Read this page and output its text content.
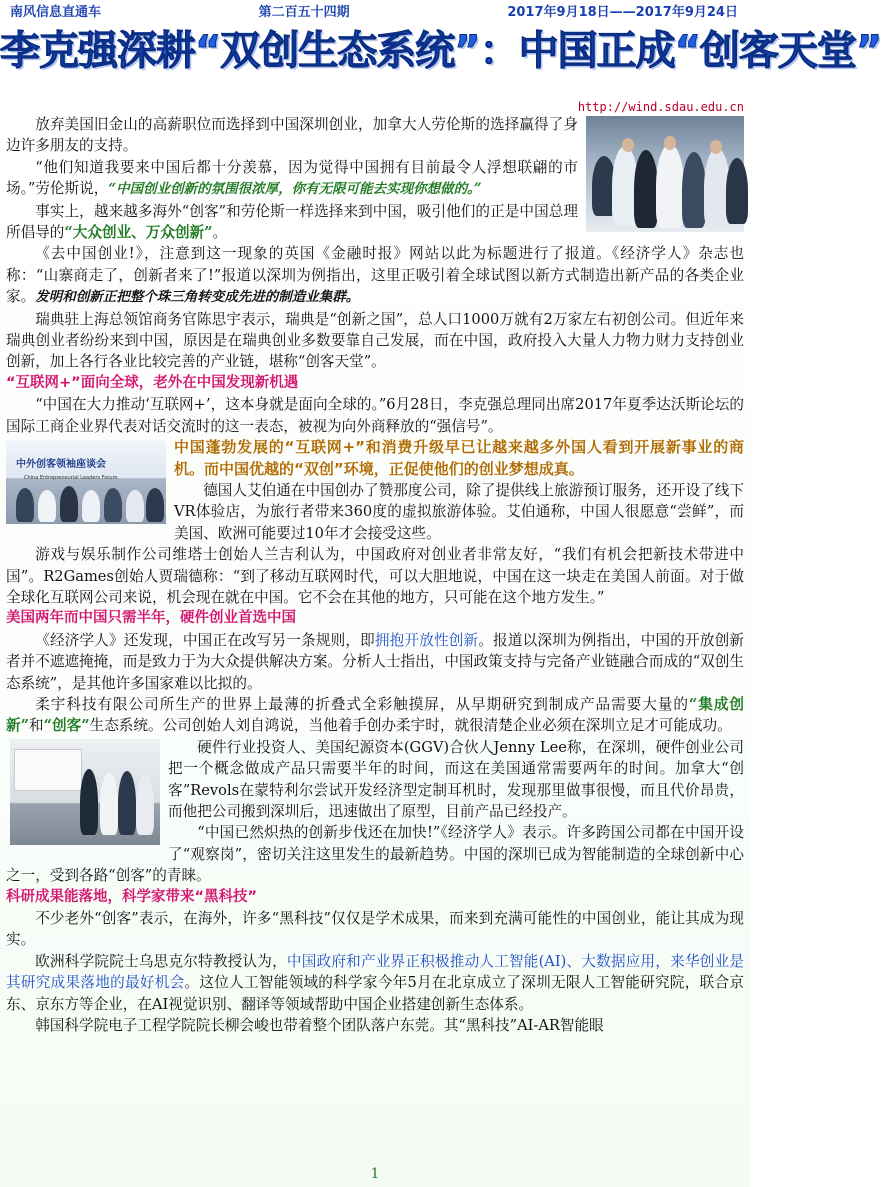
南风信息直通车	第二百五十四期	2017年9月18日——2017年9月24日
李克强深耕“双创生态系统”：中国正成“创客天堂”
http://wind.sdau.edu.cn

放弃美国旧金山的高薪职位而选择到中国深圳创业，加拿大人劳伦斯的选择赢得了身边许多朋友的支持。

“他们知道我要来中国后都十分羡慕，因为觉得中国拥有目前最令人浮想联翩的市场。”劳伦斯说，“中国创业创新的氛围很浓厚，你有无限可能去实现你想做的。”

事实上，越来越多海外“创客”和劳伦斯一样选择来到中国，吸引他们的正是中国总理所倡导的“大众创业、万众创新”。

《去中国创业!》，注意到这一现象的英国《金融时报》网站以此为标题进行了报道。《经济学人》杂志也称：“山寨商走了，创新者来了!”报道以深圳为例指出，这里正吸引着全球试图以新方式制造出新产品的各类企业家。发明和创新正把整个珠三角转变成先进的制造业集群。

瑞典驻上海总领馆商务官陈思宇表示，瑞典是“创新之国”，总人口1000万就有2万家左右初创公司。但近年来瑞典创业者纷纷来到中国，原因是在瑞典创业多数要靠自己发展，而在中国，政府投入大量人力物力财力支持创业创新，加上各行各业比较完善的产业链，堪称“创客天堂”。

“互联网+”面向全球，老外在中国发现新机遇

“中国在大力推动‘互联网+’，这本身就是面向全球的。”6月28日，李克强总理同出席2017年夏季达沃斯论坛的国际工商企业界代表对话交流时的这一表态，被视为向外商释放的“强信号”。

中外创客领袖座谈会
China Entrepreneurial Leaders Forum

中国蓬勃发展的“互联网+”和消费升级早已让越来越多外国人看到开展新事业的商机。而中国优越的“双创”环境，正促使他们的创业梦想成真。

德国人艾伯通在中国创办了赞那度公司，除了提供线上旅游预订服务，还开设了线下VR体验店，为旅行者带来360度的虚拟旅游体验。艾伯通称，中国人很愿意“尝鲜”，而美国、欧洲可能要过10年才会接受这些。

游戏与娱乐制作公司维塔士创始人兰吉利认为，中国政府对创业者非常友好，“我们有机会把新技术带进中国”。R2Games创始人贾瑞德称：“到了移动互联网时代，可以大胆地说，中国在这一块走在美国人前面。对于做全球化互联网公司来说，机会现在就在中国。它不会在其他的地方，只可能在这个地方发生。”

美国两年而中国只需半年，硬件创业首选中国

《经济学人》还发现，中国正在改写另一条规则，即拥抱开放性创新。报道以深圳为例指出，中国的开放创新者并不遮遮掩掩，而是致力于为大众提供解决方案。分析人士指出，中国政策支持与完备产业链融合而成的“双创生态系统”，是其他许多国家难以比拟的。

柔宇科技有限公司所生产的世界上最薄的折叠式全彩触摸屏，从早期研究到制成产品需要大量的“集成创新”和“创客”生态系统。公司创始人刘自鸿说，当他着手创办柔宇时，就很清楚企业必须在深圳立足才可能成功。

硬件行业投资人、美国纪源资本(GGV)合伙人Jenny Lee称，在深圳，硬件创业公司把一个概念做成产品只需要半年的时间，而这在美国通常需要两年的时间。加拿大“创客”Revols在蒙特利尔尝试开发经济型定制耳机时，发现那里做事很慢，而且代价昂贵，而他把公司搬到深圳后，迅速做出了原型，目前产品已经投产。

“中国已然炽热的创新步伐还在加快!”《经济学人》表示。许多跨国公司都在中国开设了“观察岗”，密切关注这里发生的最新趋势。中国的深圳已成为智能制造的全球创新中心之一，受到各路“创客”的青睐。

科研成果能落地，科学家带来“黑科技”

不少老外“创客”表示，在海外，许多“黑科技”仅仅是学术成果，而来到充满可能性的中国创业，能让其成为现实。

欧洲科学院院士乌思克尔特教授认为，中国政府和产业界正积极推动人工智能(AI)、大数据应用，来华创业是其研究成果落地的最好机会。这位人工智能领域的科学家今年5月在北京成立了深圳无限人工智能研究院，联合京东、京东方等企业，在AI视觉识别、翻译等领域帮助中国企业搭建创新生态体系。

韩国科学院电子工程学院院长柳会峻也带着整个团队落户东莞。其“黑科技”AI-AR智能眼

1
